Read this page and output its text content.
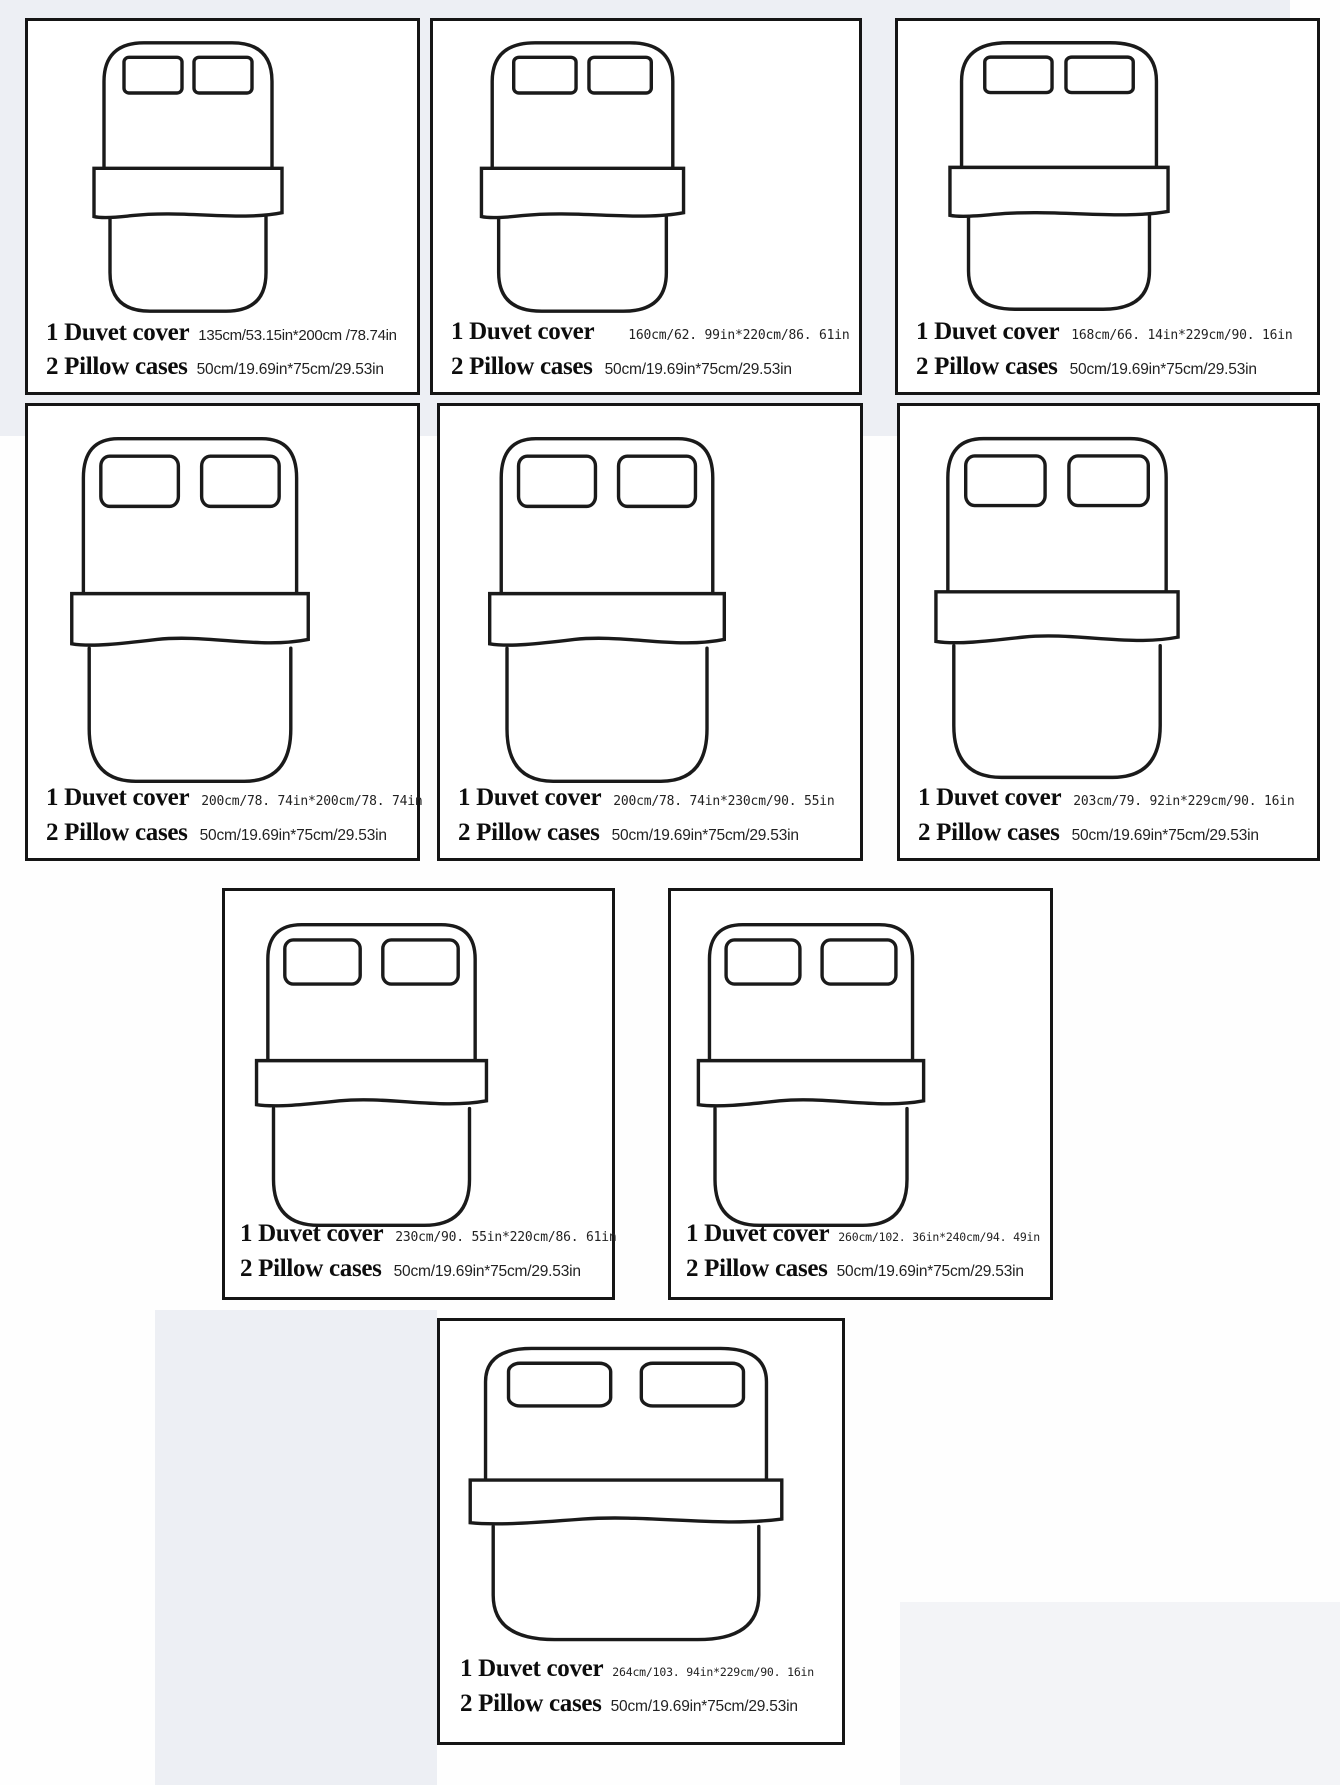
1 Duvet cover 135cm/53.15in*200cm /78.74in
2 Pillow cases 50cm/19.69in*75cm/29.53in
1 Duvet cover	160cm/62. 99in*220cm/86. 61in
2 Pillow cases 50cm/19.69in*75cm/29.53in
1 Duvet cover 168cm/66. 14in*229cm/90. 16in
2 Pillow cases 50cm/19.69in*75cm/29.53in
1 Duvet cover 200cm/78. 74in*200cm/78. 74in
2 Pillow cases 50cm/19.69in*75cm/29.53in
1 Duvet cover 200cm/78. 74in*230cm/90. 55in
2 Pillow cases 50cm/19.69in*75cm/29.53in
1 Duvet cover 203cm/79. 92in*229cm/90. 16in
2 Pillow cases 50cm/19.69in*75cm/29.53in
1 Duvet cover 230cm/90. 55in*220cm/86. 61in
2 Pillow cases 50cm/19.69in*75cm/29.53in
1 Duvet cover 260cm/102. 36in*240cm/94. 49in
2 Pillow cases 50cm/19.69in*75cm/29.53in
1 Duvet cover 264cm/103. 94in*229cm/90. 16in
2 Pillow cases 50cm/19.69in*75cm/29.53in
